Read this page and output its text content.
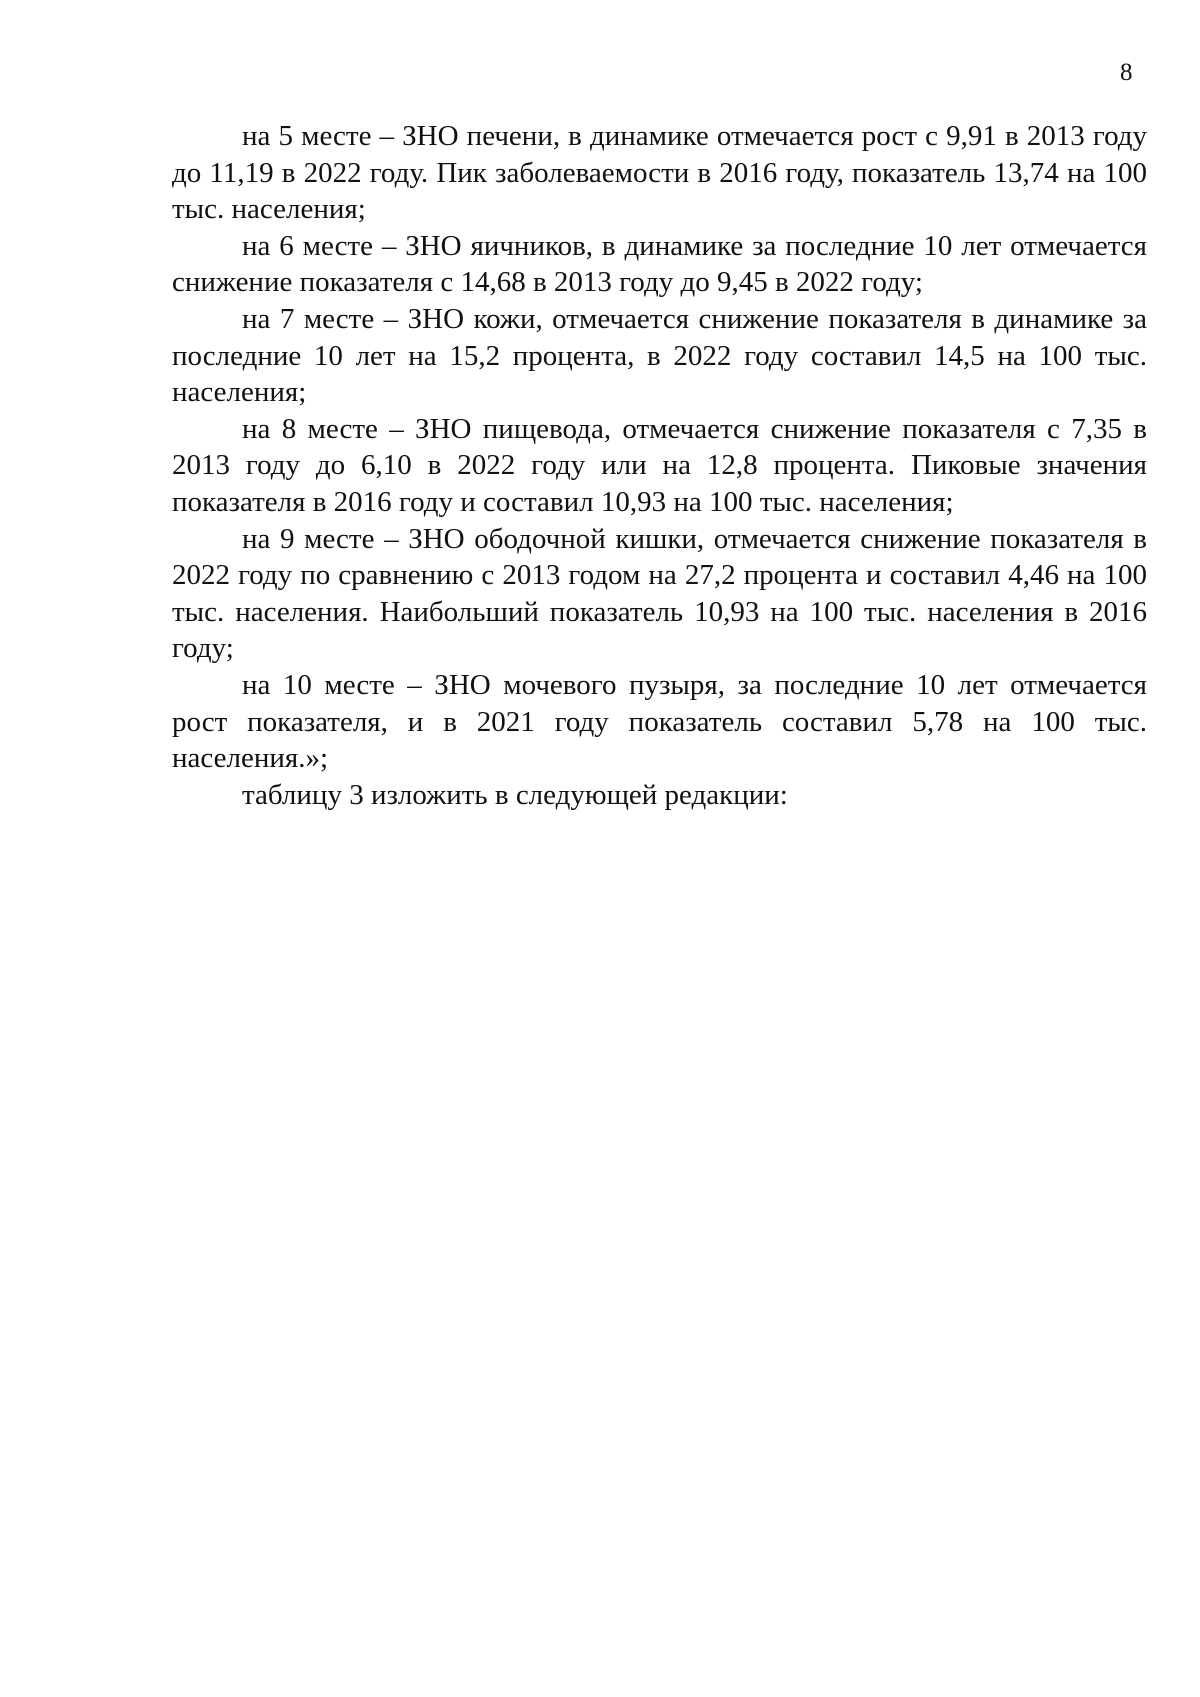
8

на 5 месте – ЗНО печени, в динамике отмечается рост с 9,91 в 2013 году до 11,19 в 2022 году. Пик заболеваемости в 2016 году, показатель 13,74 на 100 тыс. населения;

на 6 месте – ЗНО яичников, в динамике за последние 10 лет отмечается снижение показателя с 14,68 в 2013 году до 9,45 в 2022 году;

на 7 месте – ЗНО кожи, отмечается снижение показателя в динамике за последние 10 лет на 15,2 процента, в 2022 году составил 14,5 на 100 тыс. населения;

на 8 месте – ЗНО пищевода, отмечается снижение показателя с 7,35 в 2013 году до 6,10 в 2022 году или на 12,8 процента. Пиковые значения показателя в 2016 году и составил 10,93 на 100 тыс. населения;

на 9 месте – ЗНО ободочной кишки, отмечается снижение показателя в 2022 году по сравнению с 2013 годом на 27,2 процента и составил 4,46 на 100 тыс. населения. Наибольший показатель 10,93 на 100 тыс. населения в 2016 году;

на 10 месте – ЗНО мочевого пузыря, за последние 10 лет отмечается рост показателя, и в 2021 году показатель составил 5,78 на 100 тыс. населения.»;

таблицу 3 изложить в следующей редакции:
